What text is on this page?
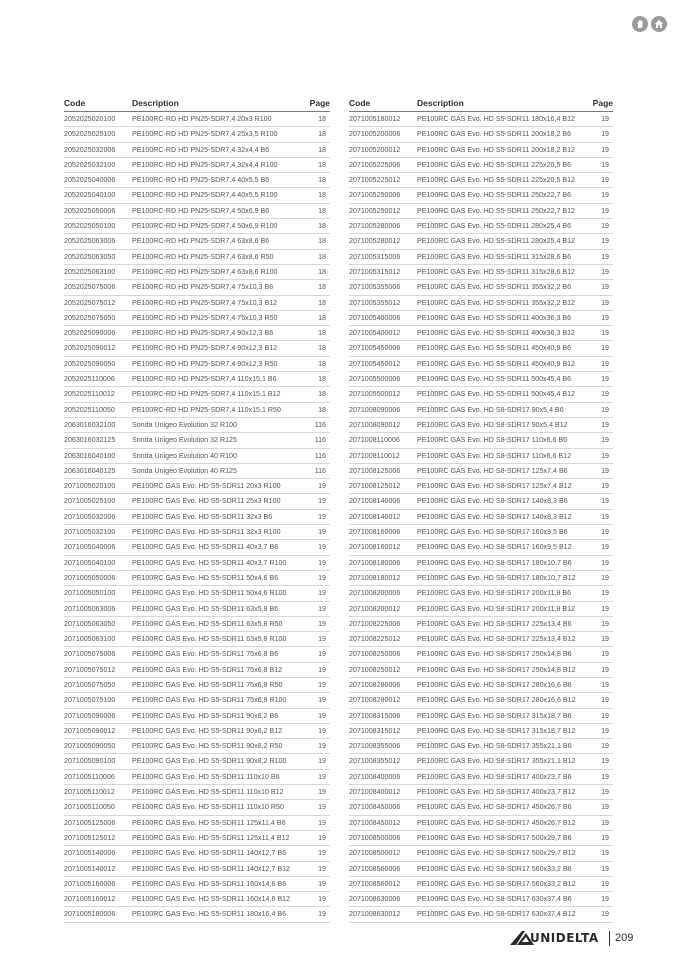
Code	Description	Page
2052025020100 PE100RC-RD HD PN25-SDR7,4 20x3 R100	18
2052025025100 PE100RC-RD HD PN25-SDR7,4 25x3,5 R100	18
2052025032006 PE100RC-RD HD PN25-SDR7,4 32x4,4 B6	18
2052025032100 PE100RC-RD HD PN25-SDR7,4 32x4,4 R100	18
2052025040006 PE100RC-RD HD PN25-SDR7,4 40x5,5 B6	18
2052025040100 PE100RC-RD HD PN25-SDR7,4 40x5,5 R100	18
2052025050006 PE100RC-RD HD PN25-SDR7,4 50x6,9 B6	18
2052025050100 PE100RC-RD HD PN25-SDR7,4 50x6,9 R100	18
2052025063006 PE100RC-RD HD PN25-SDR7,4 63x8,6 B6	18
2052025063050 PE100RC-RD HD PN25-SDR7,4 63x8,6 R50	18
2052025063100 PE100RC-RD HD PN25-SDR7,4 63x8,6 R100	18
2052025075006 PE100RC-RD HD PN25-SDR7,4 75x10,3 B6	18
2052025075012 PE100RC-RD HD PN25-SDR7,4 75x10,3 B12	18
2052025075050 PE100RC-RD HD PN25-SDR7,4 75x10,3 R50	18
2052025090006 PE100RC-RD HD PN25-SDR7,4 90x12,3 B6	18
2052025090012 PE100RC-RD HD PN25-SDR7,4 90x12,3 B12	18
2052025090050 PE100RC-RD HD PN25-SDR7,4 90x12,3 R50	18
2052025110006 PE100RC-RD HD PN25-SDR7,4 110x15,1 B6	18
2052025110012 PE100RC-RD HD PN25-SDR7,4 110x15,1 B12	18
2052025110050 PE100RC-RD HD PN25-SDR7,4 110x15,1 R50	18
2063016032100 Sonda Unigeo Evolution 32 R100	116
2063016032125 Sonda Unigeo Evolution 32 R125	116
2063016040100 Sonda Unigeo Evolution 40 R100	116
2063016040125 Sonda Unigeo Evolution 40 R125	116
2071005020100 PE100RC GAS Evo. HD S5-SDR11 20x3 R100	19
2071005025100 PE100RC GAS Evo. HD S5-SDR11 25x3 R100	19
2071005032006 PE100RC GAS Evo. HD S5-SDR11 32x3 B6	19
2071005032100 PE100RC GAS Evo. HD S5-SDR11 32x3 R100	19
2071005040006 PE100RC GAS Evo. HD S5-SDR11 40x3,7 B6	19
2071005040100 PE100RC GAS Evo. HD S5-SDR11 40x3,7 R100	19
2071005050006 PE100RC GAS Evo. HD S5-SDR11 50x4,6 B6	19
2071005050100 PE100RC GAS Evo. HD S5-SDR11 50x4,6 R100	19
2071005063006 PE100RC GAS Evo. HD S5-SDR11 63x5,8 B6	19
2071005063050 PE100RC GAS Evo. HD S5-SDR11 63x5,8 R50	19
2071005063100 PE100RC GAS Evo. HD S5-SDR11 63x5,8 R100	19
2071005075006 PE100RC GAS Evo. HD S5-SDR11 75x6,8 B6	19
2071005075012 PE100RC GAS Evo. HD S5-SDR11 75x6,8 B12	19
2071005075050 PE100RC GAS Evo. HD S5-SDR11 75x6,8 R50	19
2071005075100 PE100RC GAS Evo. HD S5-SDR11 75x6,8 R100	19
2071005090006 PE100RC GAS Evo. HD S5-SDR11 90x8,2 B6	19
2071005090012 PE100RC GAS Evo. HD S5-SDR11 90x8,2 B12	19
2071005090050 PE100RC GAS Evo. HD S5-SDR11 90x8,2 R50	19
2071005090100 PE100RC GAS Evo. HD S5-SDR11 90x8,2 R100	19
2071005110006 PE100RC GAS Evo. HD S5-SDR11 110x10 B6	19
2071005110012 PE100RC GAS Evo. HD S5-SDR11 110x10 B12	19
2071005110050 PE100RC GAS Evo. HD S5-SDR11 110x10 R50	19
2071005125006 PE100RC GAS Evo. HD S5-SDR11 125x11,4 B6	19
2071005125012 PE100RC GAS Evo. HD S5-SDR11 125x11,4 B12	19
2071005140006 PE100RC GAS Evo. HD S5-SDR11 140x12,7 B6	19
2071005140012 PE100RC GAS Evo. HD S5-SDR11 140x12,7 B12	19
2071005160006 PE100RC GAS Evo. HD S5-SDR11 160x14,6 B6	19
2071005160012 PE100RC GAS Evo. HD S5-SDR11 160x14,6 B12	19
2071005180006 PE100RC GAS Evo. HD S5-SDR11 180x16,4 B6	19
Code	Description	Page
2071005180012 PE100RC GAS Evo. HD S5-SDR11 180x16,4 B12	19
2071005200006 PE100RC GAS Evo. HD S5-SDR11 200x18,2 B6	19
2071005200012 PE100RC GAS Evo. HD S5-SDR11 200x18,2 B12	19
2071005225006 PE100RC GAS Evo. HD S5-SDR11 225x20,5 B6	19
2071005225012 PE100RC GAS Evo. HD S5-SDR11 225x20,5 B12	19
2071005250006 PE100RC GAS Evo. HD S5-SDR11 250x22,7 B6	19
2071005250012 PE100RC GAS Evo. HD S5-SDR11 250x22,7 B12	19
2071005280006 PE100RC GAS Evo. HD S5-SDR11 280x25,4 B6	19
2071005280012 PE100RC GAS Evo. HD S5-SDR11 280x25,4 B12	19
2071005315006 PE100RC GAS Evo. HD S5-SDR11 315x28,6 B6	19
2071005315012 PE100RC GAS Evo. HD S5-SDR11 315x28,6 B12	19
2071005355006 PE100RC GAS Evo. HD S5-SDR11 355x32,2 B6	19
2071005355012 PE100RC GAS Evo. HD S5-SDR11 355x32,2 B12	19
2071005400006 PE100RC GAS Evo. HD S5-SDR11 400x36,3 B6	19
2071005400012 PE100RC GAS Evo. HD S5-SDR11 400x36,3 B12	19
2071005450006 PE100RC GAS Evo. HD S5-SDR11 450x40,9 B6	19
2071005450012 PE100RC GAS Evo. HD S5-SDR11 450x40,9 B12	19
2071005500006 PE100RC GAS Evo. HD S5-SDR11 500x45,4 B6	19
2071005500012 PE100RC GAS Evo. HD S5-SDR11 500x45,4 B12	19
2071008090006 PE100RC GAS Evo. HD S8-SDR17 90x5,4 B6	19
2071008090012 PE100RC GAS Evo. HD S8-SDR17 90x5,4 B12	19
2071008110006 PE100RC GAS Evo. HD S8-SDR17 110x6,6 B6	19
2071008110012 PE100RC GAS Evo. HD S8-SDR17 110x6,6 B12	19
2071008125006 PE100RC GAS Evo. HD S8-SDR17 125x7,4 B6	19
2071008125012 PE100RC GAS Evo. HD S8-SDR17 125x7,4 B12	19
2071008140006 PE100RC GAS Evo. HD S8-SDR17 140x8,3 B6	19
2071008140012 PE100RC GAS Evo. HD S8-SDR17 140x8,3 B12	19
2071008160006 PE100RC GAS Evo. HD S8-SDR17 160x9,5 B6	19
2071008160012 PE100RC GAS Evo. HD S8-SDR17 160x9,5 B12	19
2071008180006 PE100RC GAS Evo. HD S8-SDR17 180x10,7 B6	19
2071008180012 PE100RC GAS Evo. HD S8-SDR17 180x10,7 B12	19
2071008200006 PE100RC GAS Evo. HD S8-SDR17 200x11,9 B6	19
2071008200012 PE100RC GAS Evo. HD S8-SDR17 200x11,9 B12	19
2071008225006 PE100RC GAS Evo. HD S8-SDR17 225x13,4 B6	19
2071008225012 PE100RC GAS Evo. HD S8-SDR17 225x13,4 B12	19
2071008250006 PE100RC GAS Evo. HD S8-SDR17 250x14,8 B6	19
2071008250012 PE100RC GAS Evo. HD S8-SDR17 250x14,8 B12	19
2071008280006 PE100RC GAS Evo. HD S8-SDR17 280x16,6 B6	19
2071008280012 PE100RC GAS Evo. HD S8-SDR17 280x16,6 B12	19
2071008315006 PE100RC GAS Evo. HD S8-SDR17 315x18,7 B6	19
2071008315012 PE100RC GAS Evo. HD S8-SDR17 315x18,7 B12	19
2071008355006 PE100RC GAS Evo. HD S8-SDR17 355x21,1 B6	19
2071008355012 PE100RC GAS Evo. HD S8-SDR17 355x21,1 B12	19
2071008400006 PE100RC GAS Evo. HD S8-SDR17 400x23,7 B6	19
2071008400012 PE100RC GAS Evo. HD S8-SDR17 400x23,7 B12	19
2071008450006 PE100RC GAS Evo. HD S8-SDR17 450x26,7 B6	19
2071008450012 PE100RC GAS Evo. HD S8-SDR17 450x26,7 B12	19
2071008500006 PE100RC GAS Evo. HD S8-SDR17 500x29,7 B6	19
2071008500012 PE100RC GAS Evo. HD S8-SDR17 500x29,7 B12	19
2071008560006 PE100RC GAS Evo. HD S8-SDR17 560x33,2 B6	19
2071008560012 PE100RC GAS Evo. HD S8-SDR17 560x33,2 B12	19
2071008630006 PE100RC GAS Evo. HD S8-SDR17 630x37,4 B6	19
2071008630012 PE100RC GAS Evo. HD S8-SDR17 630x37,4 B12	19
UNIDELTA 209
